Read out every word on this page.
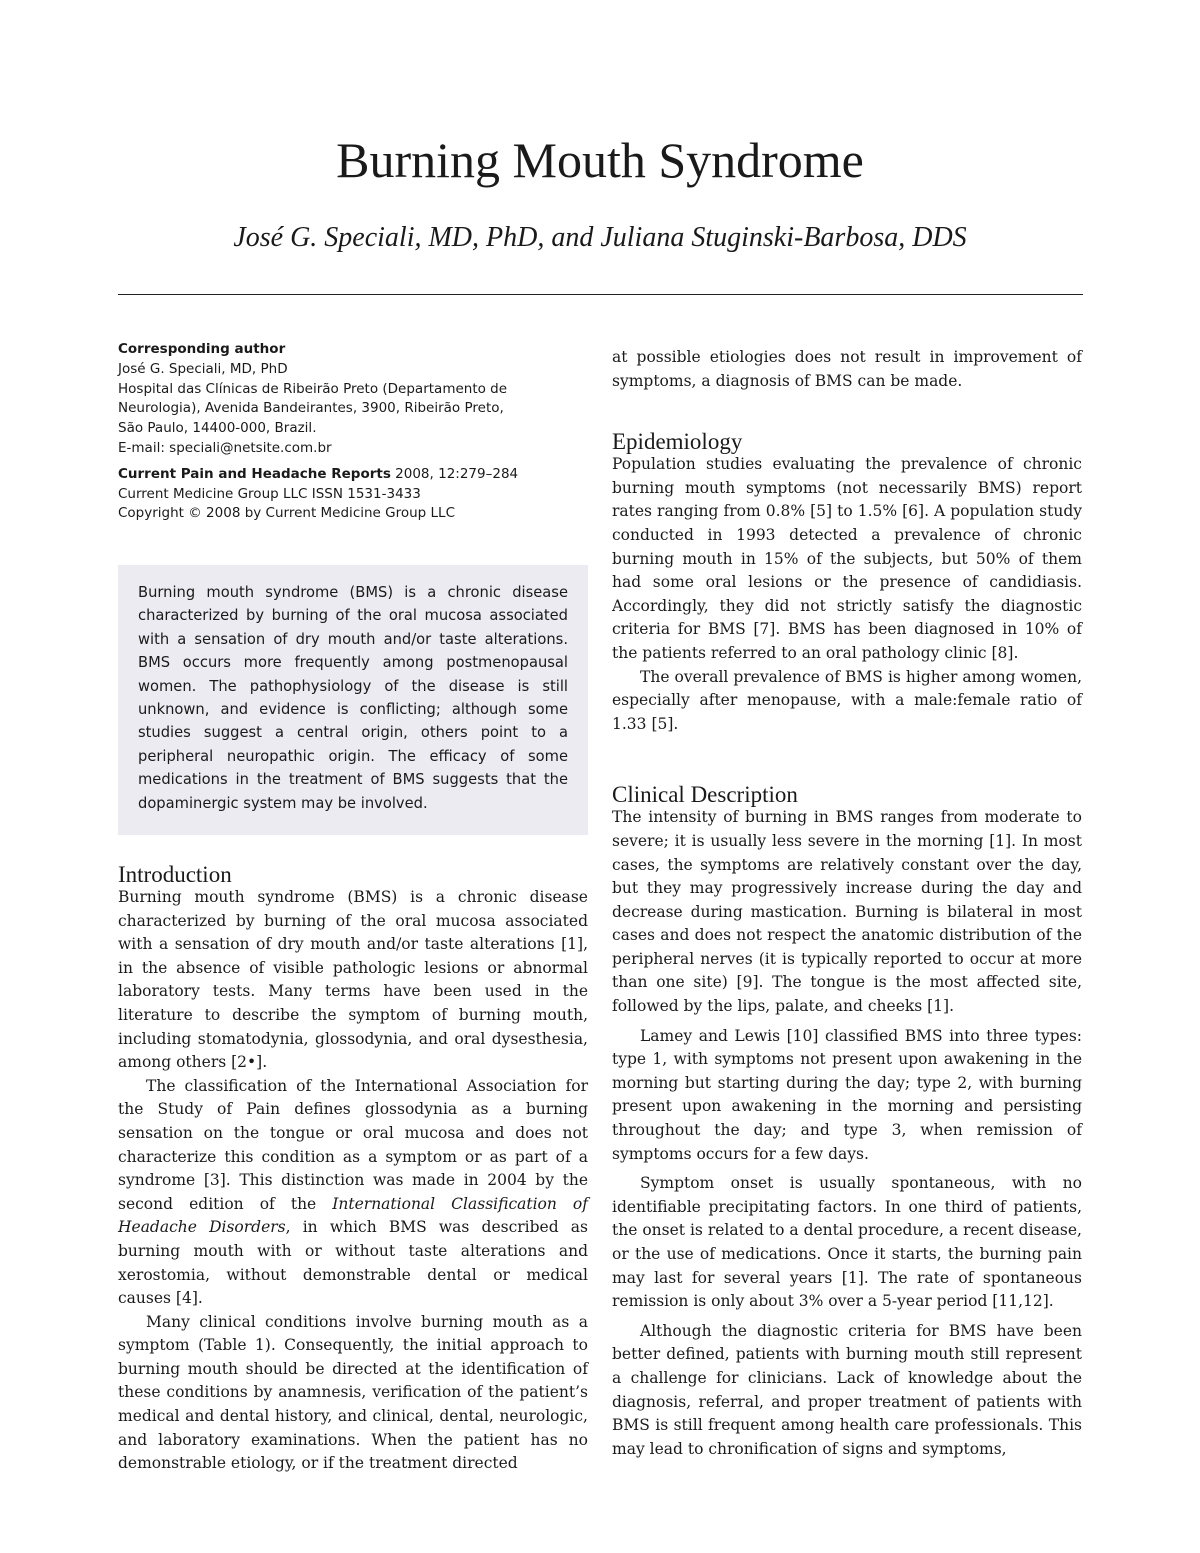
Burning Mouth Syndrome
José G. Speciali, MD, PhD, and Juliana Stuginski-Barbosa, DDS
Corresponding author
José G. Speciali, MD, PhD
Hospital das Clínicas de Ribeirão Preto (Departamento de
Neurologia), Avenida Bandeirantes, 3900, Ribeirão Preto,
São Paulo, 14400-000, Brazil.
E-mail: speciali@netsite.com.br
Current Pain and Headache Reports 2008, 12:279–284
Current Medicine Group LLC ISSN 1531-3433
Copyright © 2008 by Current Medicine Group LLC

Burning mouth syndrome (BMS) is a chronic disease characterized by burning of the oral mucosa associated with a sensation of dry mouth and/or taste alterations. BMS occurs more frequently among postmenopausal women. The pathophysiology of the disease is still unknown, and evidence is conflicting; although some studies suggest a central origin, others point to a peripheral neuropathic origin. The efficacy of some medications in the treatment of BMS suggests that the dopaminergic system may be involved.

Introduction

Burning mouth syndrome (BMS) is a chronic disease characterized by burning of the oral mucosa associated with a sensation of dry mouth and/or taste alterations [1], in the absence of visible pathologic lesions or abnormal laboratory tests. Many terms have been used in the literature to describe the symptom of burning mouth, including stomatodynia, glossodynia, and oral dysesthesia, among others [2•].

The classification of the International Association for the Study of Pain defines glossodynia as a burning sensation on the tongue or oral mucosa and does not characterize this condition as a symptom or as part of a syndrome [3]. This distinction was made in 2004 by the second edition of the International Classification of Headache Disorders, in which BMS was described as burning mouth with or without taste alterations and xerostomia, without demonstrable dental or medical causes [4].

Many clinical conditions involve burning mouth as a symptom (Table 1). Consequently, the initial approach to burning mouth should be directed at the identification of these conditions by anamnesis, verification of the patient’s medical and dental history, and clinical, dental, neurologic, and laboratory examinations. When the patient has no demonstrable etiology, or if the treatment directed

at possible etiologies does not result in improvement of symptoms, a diagnosis of BMS can be made.

Epidemiology

Population studies evaluating the prevalence of chronic burning mouth symptoms (not necessarily BMS) report rates ranging from 0.8% [5] to 1.5% [6]. A population study conducted in 1993 detected a prevalence of chronic burning mouth in 15% of the subjects, but 50% of them had some oral lesions or the presence of candidiasis. Accordingly, they did not strictly satisfy the diagnostic criteria for BMS [7]. BMS has been diagnosed in 10% of the patients referred to an oral pathology clinic [8].

The overall prevalence of BMS is higher among women, especially after menopause, with a male:female ratio of 1.33 [5].

Clinical Description

The intensity of burning in BMS ranges from moderate to severe; it is usually less severe in the morning [1]. In most cases, the symptoms are relatively constant over the day, but they may progressively increase during the day and decrease during mastication. Burning is bilateral in most cases and does not respect the anatomic distribution of the peripheral nerves (it is typically reported to occur at more than one site) [9]. The tongue is the most affected site, followed by the lips, palate, and cheeks [1].

Lamey and Lewis [10] classified BMS into three types: type 1, with symptoms not present upon awakening in the morning but starting during the day; type 2, with burning present upon awakening in the morning and persisting throughout the day; and type 3, when remission of symptoms occurs for a few days.

Symptom onset is usually spontaneous, with no identifiable precipitating factors. In one third of patients, the onset is related to a dental procedure, a recent disease, or the use of medications. Once it starts, the burning pain may last for several years [1]. The rate of spontaneous remission is only about 3% over a 5-year period [11,12].

Although the diagnostic criteria for BMS have been better defined, patients with burning mouth still represent a challenge for clinicians. Lack of knowledge about the diagnosis, referral, and proper treatment of patients with BMS is still frequent among health care professionals. This may lead to chronification of signs and symptoms,
